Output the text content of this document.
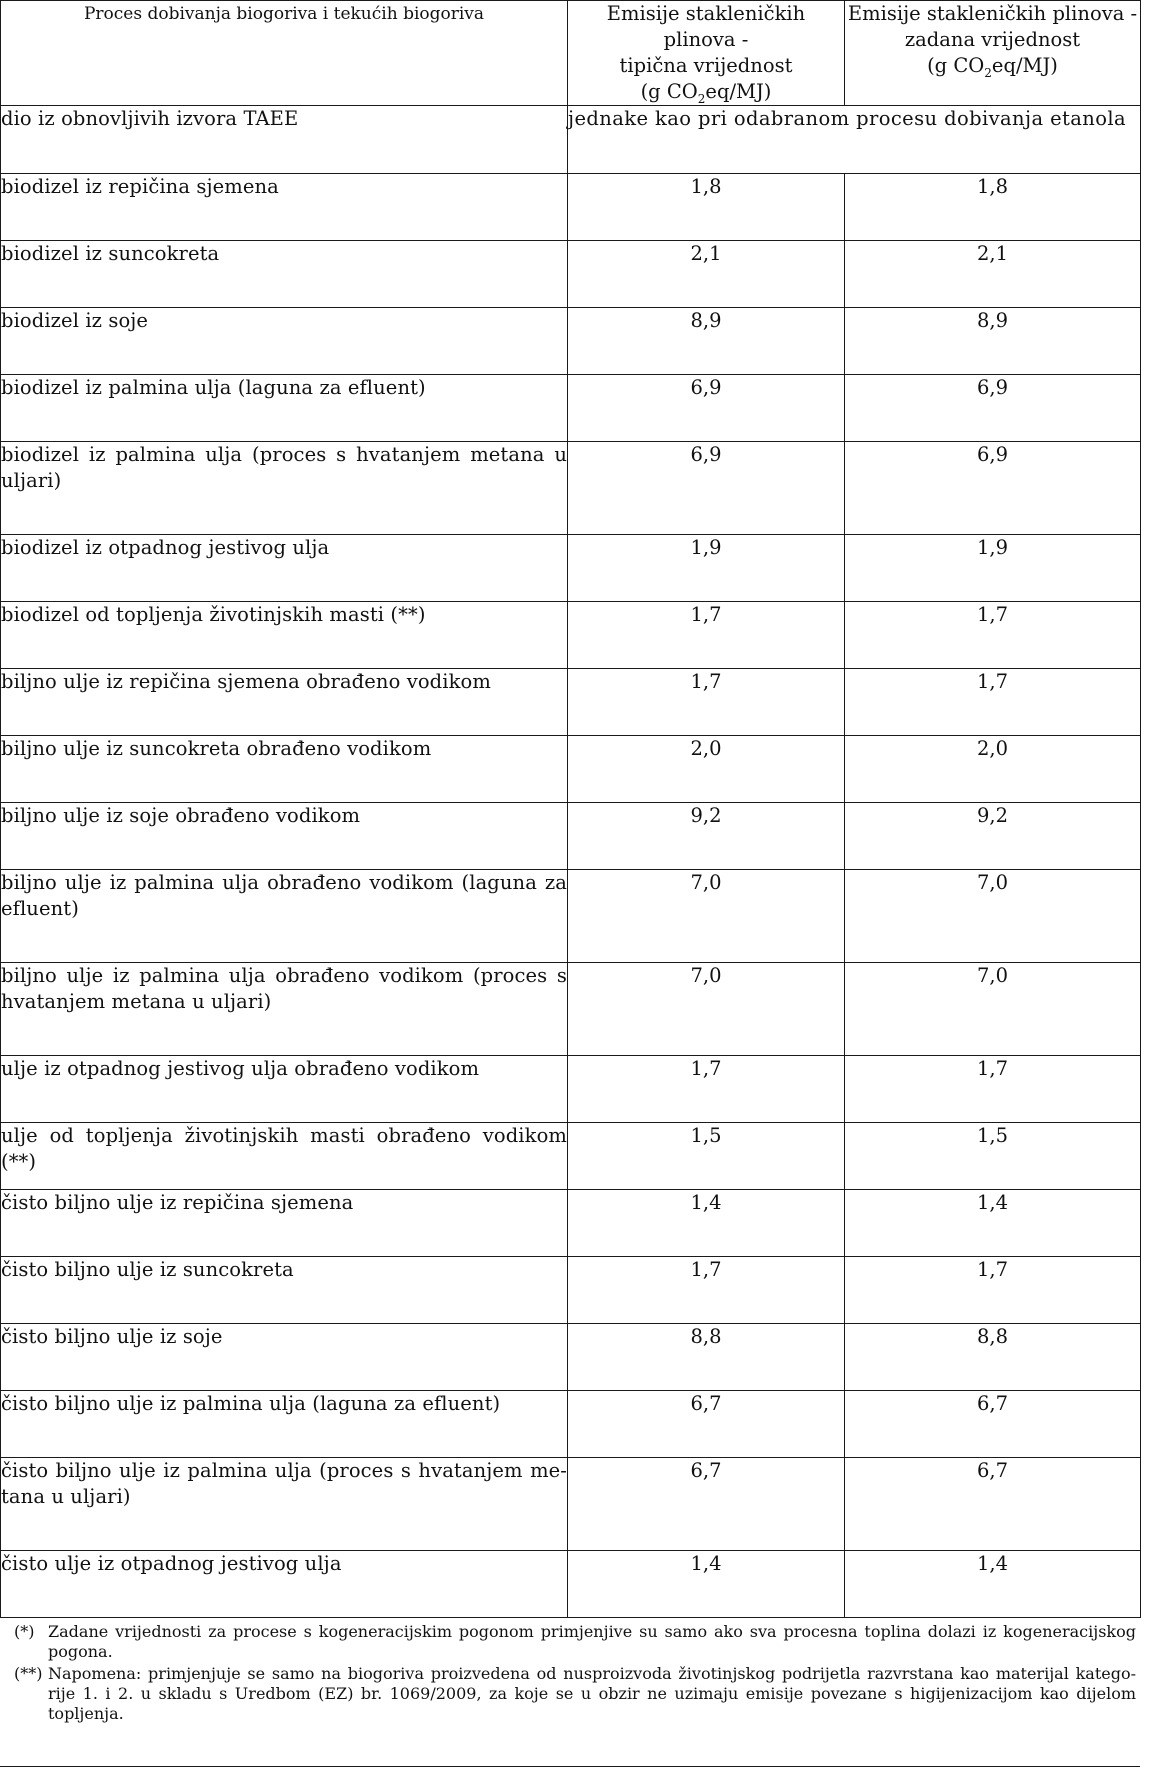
Proces dobivanja biogoriva i tekućih biogoriva	Emisije stakleničkih plinova -
tipična vrijednost
(g $CO_2eq/MJ$)	Emisije stakleničkih plinova -
zadana vrijednost
(g $CO_2eq/MJ$)
dio iz obnovljivih izvora TAEE	jednake kao pri odabranom procesu dobivanja etanola	
biodizel iz repičina sjemena	1,8	1,8
biodizel iz suncokreta	2,1	2,1
biodizel iz soje	8,9	8,9
biodizel iz palmina ulja (laguna za efluent)	6,9	6,9
biodizel iz palmina ulja (proces s hvatanjem metana u uljari)	6,9	6,9
biodizel iz otpadnog jestivog ulja	1,9	1,9
biodizel od topljenja životinjskih masti (**)	1,7	1,7
biljno ulje iz repičina sjemena obrađeno vodikom	1,7	1,7
biljno ulje iz suncokreta obrađeno vodikom	2,0	2,0
biljno ulje iz soje obrađeno vodikom	9,2	9,2
biljno ulje iz palmina ulja obrađeno vodikom (laguna za efluent)	7,0	7,0
biljno ulje iz palmina ulja obrađeno vodikom (proces s hvatanjem metana u uljari)	7,0	7,0
ulje iz otpadnog jestivog ulja obrađeno vodikom	1,7	1,7
ulje od topljenja životinjskih masti obrađeno vodikom (**)	1,5	1,5
čisto biljno ulje iz repičina sjemena	1,4	1,4
čisto biljno ulje iz suncokreta	1,7	1,7
čisto biljno ulje iz soje	8,8	8,8
čisto biljno ulje iz palmina ulja (laguna za efluent)	6,7	6,7
čisto biljno ulje iz palmina ulja (proces s hvatanjem me-tana u uljari)	6,7	6,7
čisto ulje iz otpadnog jestivog ulja	1,4	1,4
(*) Zadane vrijednosti za procese s kogeneracijskim pogonom primjenjive su samo ako sva procesna toplina dolazi iz kogeneracijskog pogona.
(**) Napomena: primjenjuje se samo na biogoriva proizvedena od nusproizvoda životinjskog podrijetla razvrstana kao materijal katego-rije 1. i 2. u skladu s Uredbom (EZ) br. 1069/2009, za koje se u obzir ne uzimaju emisije povezane s higijenizacijom kao dijelom topljenja.
